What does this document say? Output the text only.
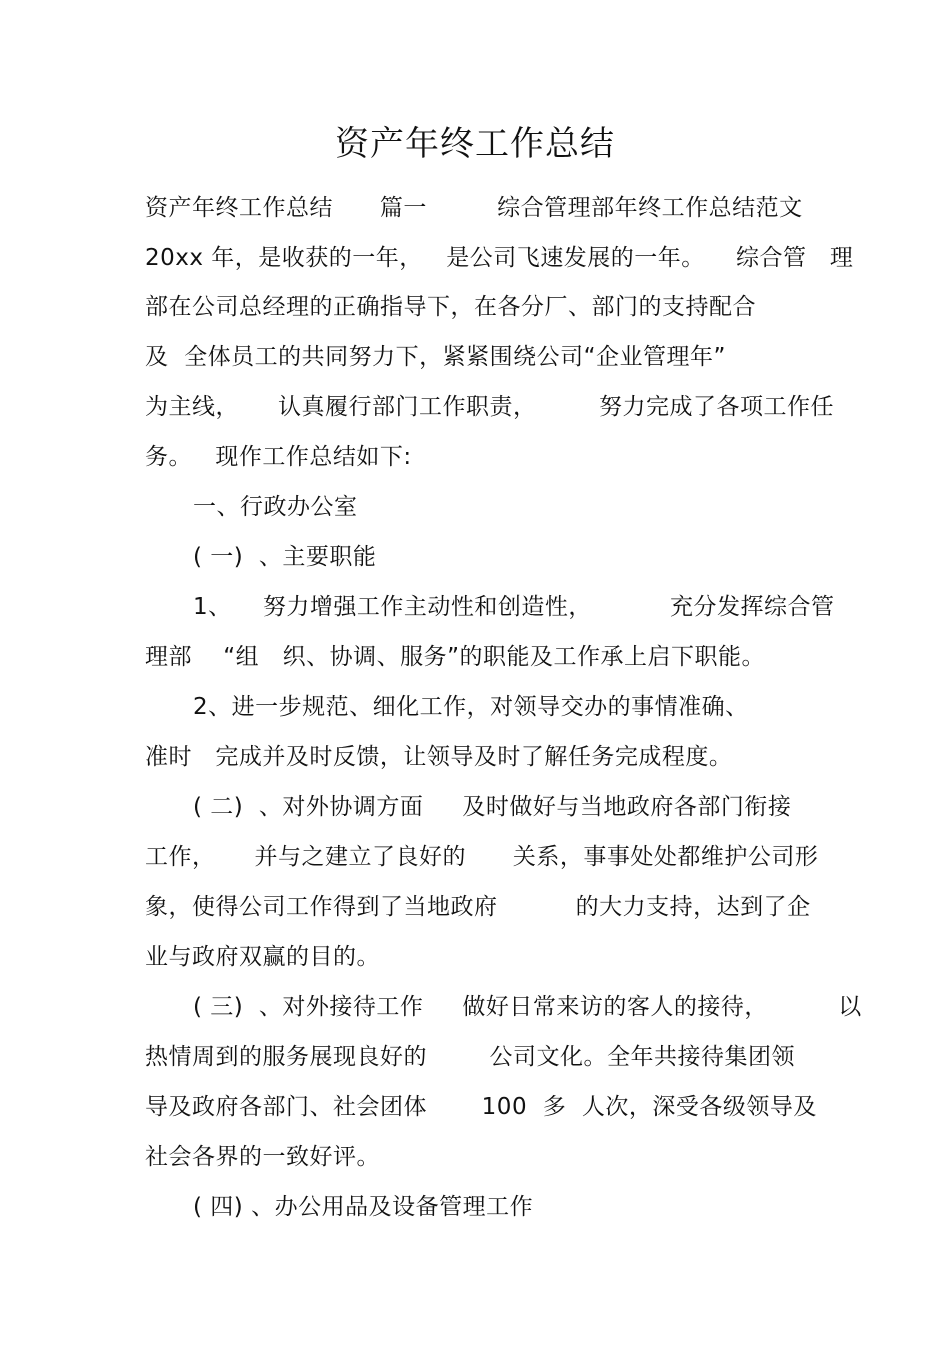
资产年终工作总结
资产年终工作总结      篇一         综合管理部年终工作总结范文
20xx 年，是收获的一年，   是公司飞速发展的一年。    综合管   理
部在公司总经理的正确指导下，在各分厂、部门的支持配合
及  全体员工的共同努力下，紧紧围绕公司“企业管理年”
为主线，     认真履行部门工作职责，        努力完成了各项工作任
务。   现作工作总结如下:
一、行政办公室
( 一)  、主要职能
1、    努力增强工作主动性和创造性，          充分发挥综合管
理部    “组   织、协调、服务”的职能及工作承上启下职能。
2、进一步规范、细化工作，对领导交办的事情准确、
准时   完成并及时反馈，让领导及时了解任务完成程度。
( 二)  、对外协调方面     及时做好与当地政府各部门衔接
工作，     并与之建立了良好的      关系，事事处处都维护公司形
象，使得公司工作得到了当地政府          的大力支持，达到了企
业与政府双赢的目的。
( 三)  、对外接待工作     做好日常来访的客人的接待，         以
热情周到的服务展现良好的        公司文化。全年共接待集团领
导及政府各部门、社会团体       100  多  人次，深受各级领导及
社会各界的一致好评。
( 四) 、办公用品及设备管理工作
